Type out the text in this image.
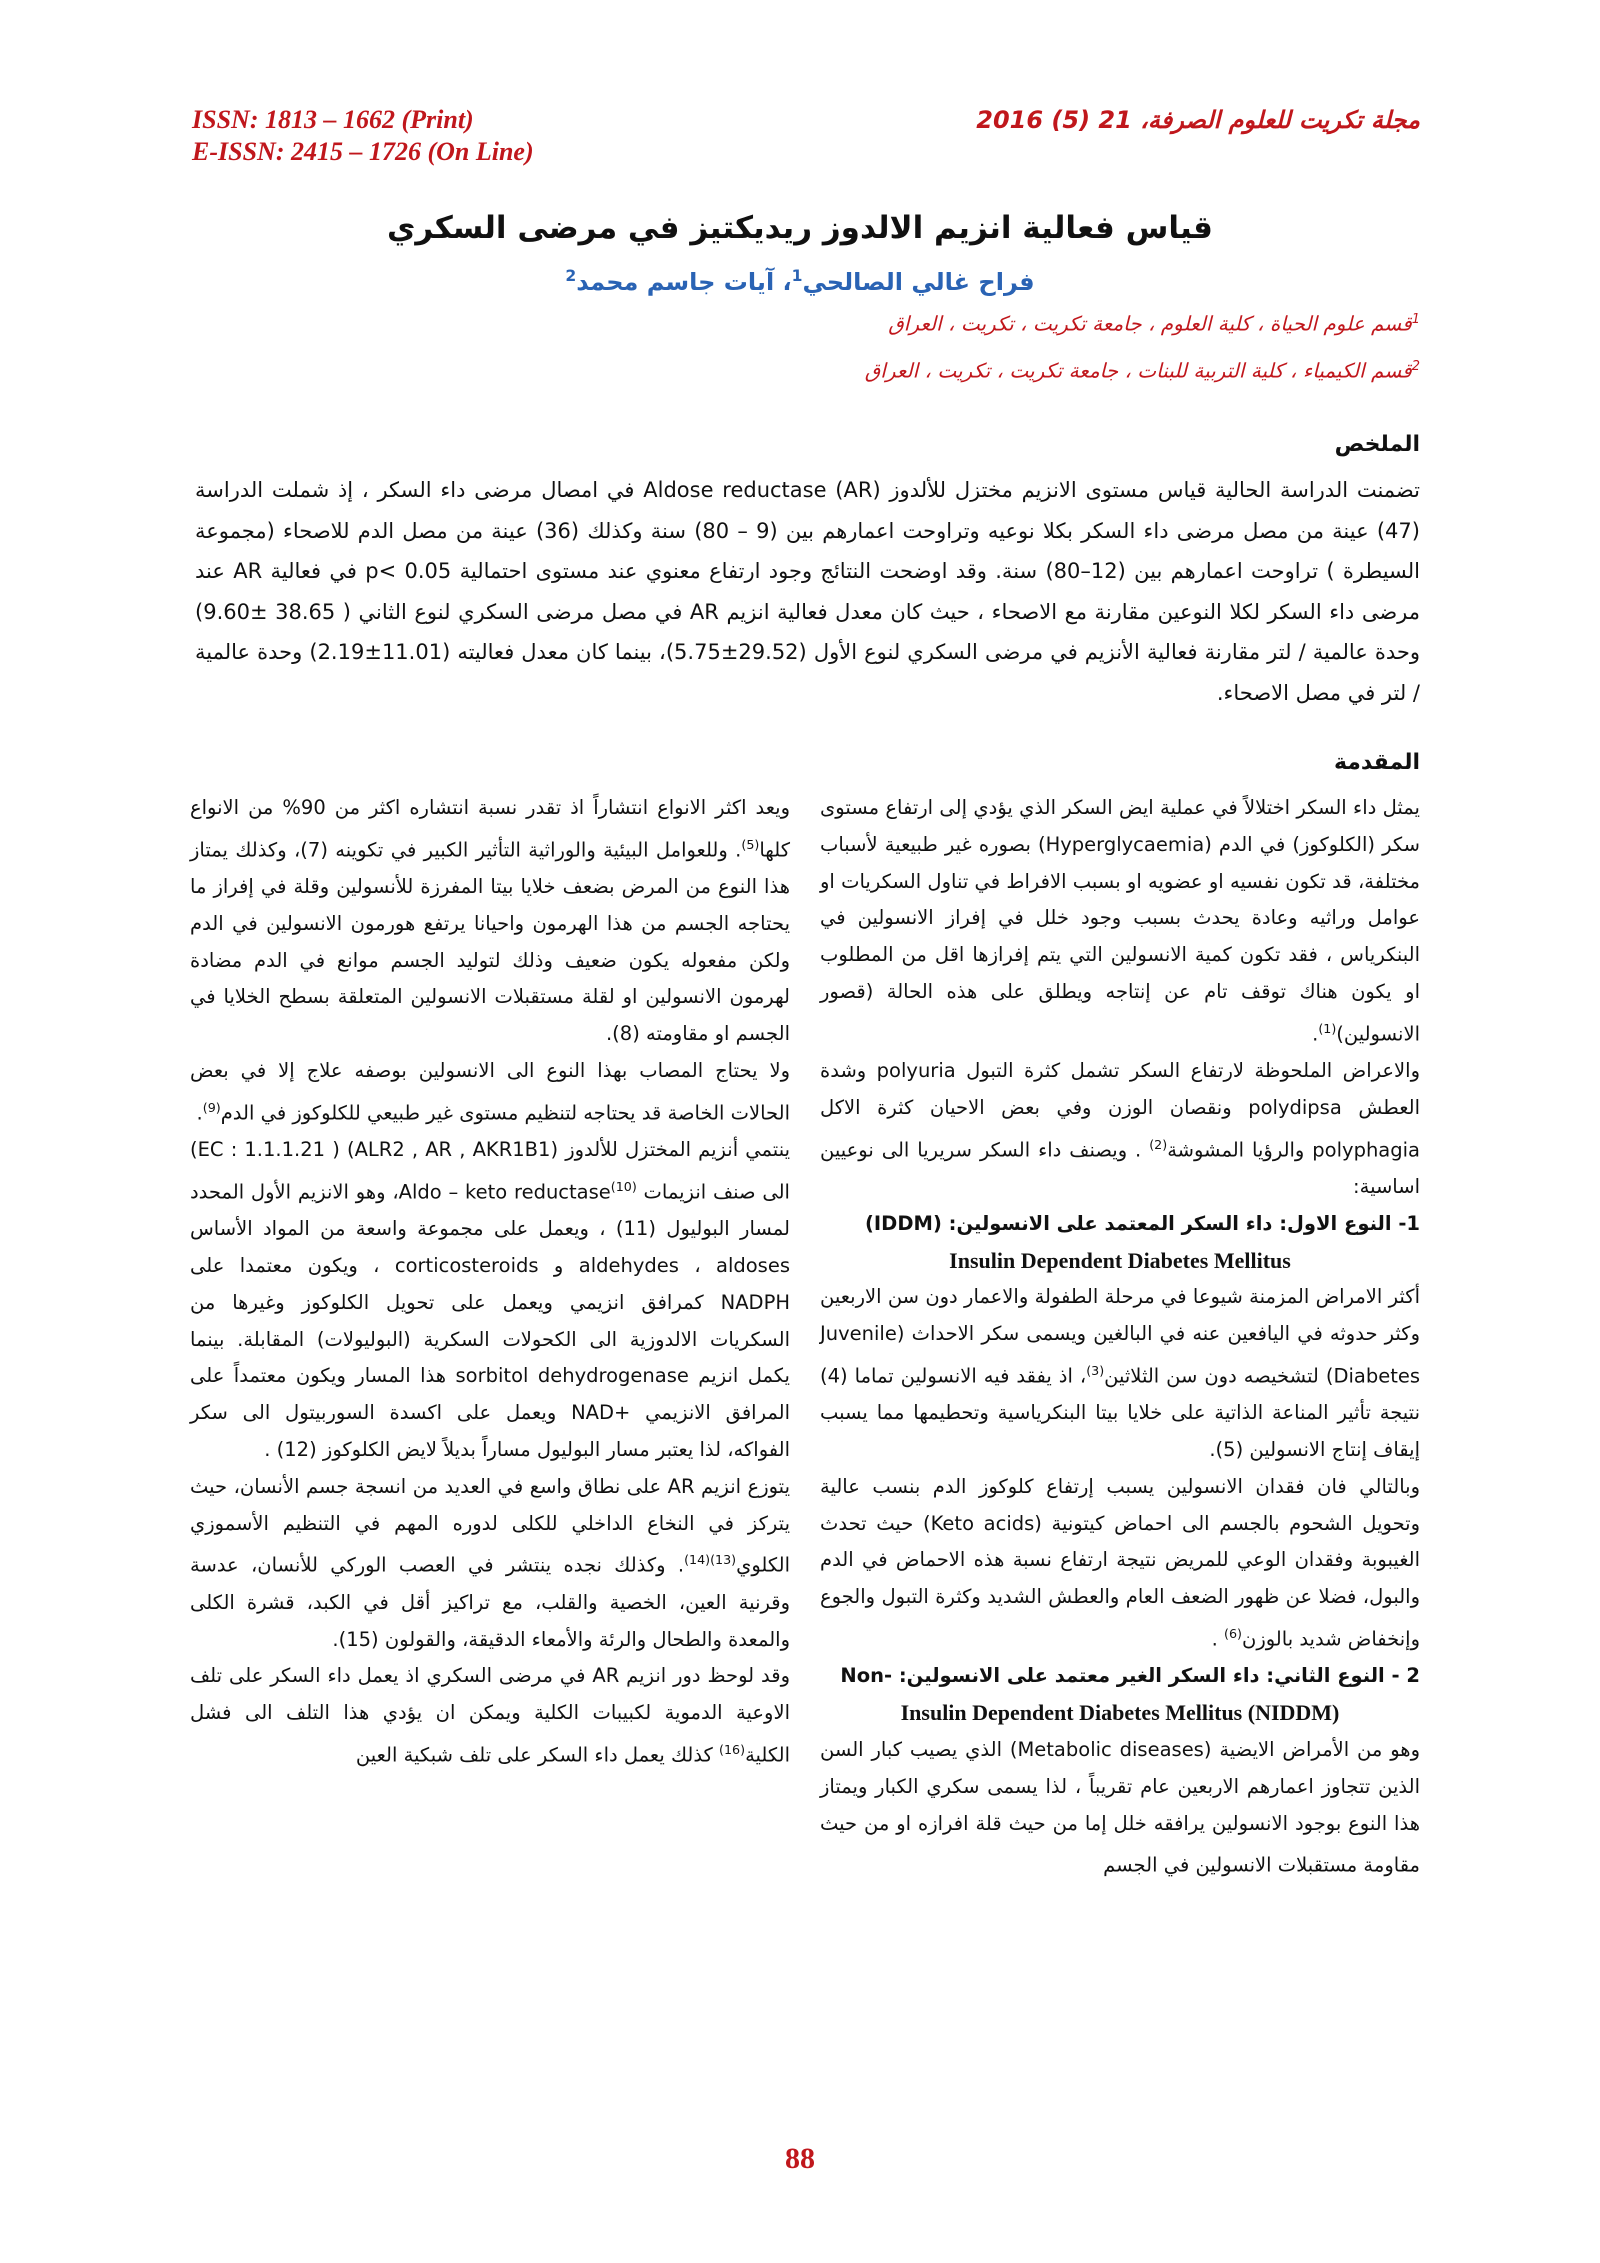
ISSN: 1813 – 1662 (Print)
E-ISSN: 2415 – 1726 (On Line)
مجلة تكريت للعلوم الصرفة، 21 (5) 2016
قياس فعالية انزيم الالدوز ريديكتيز في مرضى السكري
فراح غالي الصالحي$^1$، آيات جاسم محمد$^2$
$^1$قسم علوم الحياة ، كلية العلوم ، جامعة تكريت ، تكريت ، العراق
$^2$قسم الكيمياء ، كلية التربية للبنات ، جامعة تكريت ، تكريت ، العراق
الملخص
تضمنت الدراسة الحالية قياس مستوى الانزيم مختزل للألدوز Aldose reductase (AR) في امصال مرضى داء السكر ، إذ شملت الدراسة (47) عينة من مصل مرضى داء السكر بكلا نوعيه وتراوحت اعمارهم بين (9 – 80) سنة وكذلك (36) عينة من مصل الدم للاصحاء (مجموعة السيطرة ) تراوحت اعمارهم بين (12–80) سنة. وقد اوضحت النتائج وجود ارتفاع معنوي عند مستوى احتمالية p< 0.05 في فعالية AR عند مرضى داء السكر لكلا النوعين مقارنة مع الاصحاء ، حيث كان معدل فعالية انزيم AR في مصل مرضى السكري لنوع الثاني ( 38.65 ±9.60) وحدة عالمية / لتر مقارنة فعالية الأنزيم في مرضى السكري لنوع الأول (29.52±5.75)، بينما كان معدل فعاليته (11.01±2.19) وحدة عالمية / لتر في مصل الاصحاء.
المقدمة

يمثل داء السكر اختلالاً في عملية ايض السكر الذي يؤدي إلى ارتفاع مستوى سكر (الكلوكوز) في الدم (Hyperglycaemia) بصوره غير طبيعية لأسباب مختلفة، قد تكون نفسيه او عضويه او بسبب الافراط في تناول السكريات او عوامل وراثيه وعادة يحدث بسبب وجود خلل في إفراز الانسولين في البنكرياس ، فقد تكون كمية الانسولين التي يتم إفرازها اقل من المطلوب او يكون هناك توقف تام عن إنتاجه ويطلق على هذه الحالة (قصور الانسولين)$^{(1)}$.

والاعراض الملحوظة لارتفاع السكر تشمل كثرة التبول polyuria وشدة العطش polydipsa ونقصان الوزن وفي بعض الاحيان كثرة الاكل polyphagia والرؤيا المشوشة$^{(2)}$ . ويصنف داء السكر سريريا الى نوعيين اساسية:

1- النوع الاول: داء السكر المعتمد على الانسولين: (IDDM)

Insulin Dependent Diabetes Mellitus

أكثر الامراض المزمنة شيوعا في مرحلة الطفولة والاعمار دون سن الاربعين وكثر حدوثه في اليافعين عنه في البالغين ويسمى سكر الاحداث (Juvenile Diabetes) لتشخيصه دون سن الثلاثين$^{(3)}$، اذ يفقد فيه الانسولين تماما (4) نتيجة تأثير المناعة الذاتية على خلايا بيتا البنكرياسية وتحطيمها مما يسبب إيقاف إنتاج الانسولين (5).

وبالتالي فان فقدان الانسولين يسبب إرتفاع كلوكوز الدم بنسب عالية وتحويل الشحوم بالجسم الى احماض كيتونية (Keto acids) حيث تحدث الغيبوبة وفقدان الوعي للمريض نتيجة ارتفاع نسبة هذه الاحماض في الدم والبول، فضلا عن ظهور الضعف العام والعطش الشديد وكثرة التبول والجوع وإنخفاض شديد بالوزن$^{(6)}$ .

2 - النوع الثاني: داء السكر الغير معتمد على الانسولين: -Non

Insulin Dependent Diabetes Mellitus (NIDDM)

وهو من الأمراض الايضية (Metabolic diseases) الذي يصيب كبار السن الذين تتجاوز اعمارهم الاربعين عام تقريباً ، لذا يسمى سكري الكبار ويمتاز هذا النوع بوجود الانسولين يرافقه خلل إما من حيث قلة افرازه او من حيث مقاومة مستقبلات الانسولين في الجسم

ويعد اكثر الانواع انتشاراً اذ تقدر نسبة انتشاره اكثر من 90% من الانواع كلها$^{(5)}$. وللعوامل البيئية والوراثية التأثير الكبير في تكوينه (7)، وكذلك يمتاز هذا النوع من المرض بضعف خلايا بيتا المفرزة للأنسولين وقلة في إفراز ما يحتاجه الجسم من هذا الهرمون واحيانا يرتفع هورمون الانسولين في الدم ولكن مفعوله يكون ضعيف وذلك لتوليد الجسم موانع في الدم مضادة لهرمون الانسولين او لقلة مستقبلات الانسولين المتعلقة بسطح الخلايا في الجسم او مقاومته (8).

ولا يحتاج المصاب بهذا النوع الى الانسولين بوصفه علاج إلا في بعض الحالات الخاصة قد يحتاجه لتنظيم مستوى غير طبيعي للكلوكوز في الدم$^{(9)}$.

ينتمي أنزيم المختزل للألدوز (ALR2 , AR , AKR1B1) ( EC : 1.1.1.21) الى صنف انزيمات Aldo – keto reductase$^{(10)}$، وهو الانزيم الأول المحدد لمسار البوليول (11) ، ويعمل على مجموعة واسعة من المواد الأساس aldehydes ، aldoses و corticosteroids ، ويكون معتمدا على NADPH كمرافق انزيمي ويعمل على تحويل الكلوكوز وغيرها من السكريات الالدوزية الى الكحولات السكرية (البوليولات) المقابلة. بينما يكمل انزيم sorbitol dehydrogenase هذا المسار ويكون معتمداً على المرافق الانزيمي +NAD ويعمل على اكسدة السوربيتول الى سكر الفواكه، لذا يعتبر مسار البوليول مساراً بديلاً لايض الكلوكوز (12) .

يتوزع انزيم AR على نطاق واسع في العديد من انسجة جسم الأنسان، حيث يتركز في النخاع الداخلي للكلى لدوره المهم في التنظيم الأسموزي الكلوي$^{(13)(14)}$. وكذلك نجده ينتشر في العصب الوركي للأنسان، عدسة وقرنية العين، الخصية والقلب، مع تراكيز أقل في الكبد، قشرة الكلى والمعدة والطحال والرئة والأمعاء الدقيقة، والقولون (15).

وقد لوحظ دور انزيم AR في مرضى السكري اذ يعمل داء السكر على تلف الاوعية الدموية لكبيبات الكلية ويمكن ان يؤدي هذا التلف الى فشل الكلية$^{(16)}$ كذلك يعمل داء السكر على تلف شبكية العين

88
